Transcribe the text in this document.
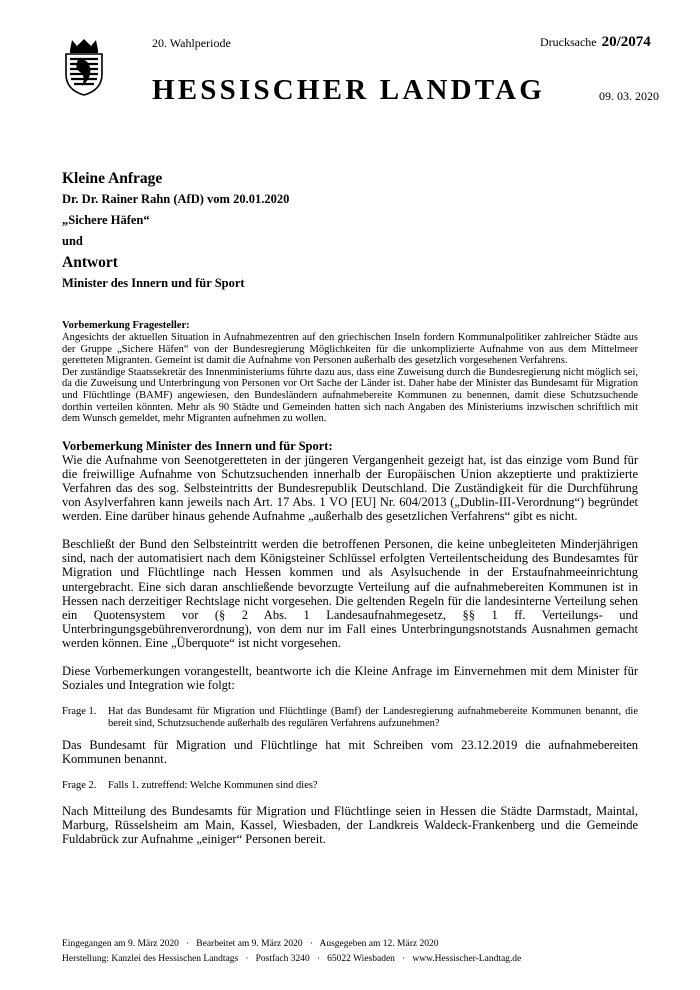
20. Wahlperiode	Drucksache 20/2074
HESSISCHER LANDTAG	09. 03. 2020
Kleine Anfrage
Dr. Dr. Rainer Rahn (AfD) vom 20.01.2020
„Sichere Häfen“
und
Antwort
Minister des Innern und für Sport
Vorbemerkung Fragesteller:

Angesichts der aktuellen Situation in Aufnahmezentren auf den griechischen Inseln fordern Kommunalpolitiker zahlreicher Städte aus der Gruppe „Sichere Häfen“ von der Bundesregierung Möglichkeiten für die unkomplizierte Aufnahme von aus dem Mittelmeer geretteten Migranten. Gemeint ist damit die Aufnahme von Personen außerhalb des gesetzlich vorgesehenen Verfahrens.

Der zuständige Staatssekretär des Innenministeriums führte dazu aus, dass eine Zuweisung durch die Bundesregierung nicht möglich sei, da die Zuweisung und Unterbringung von Personen vor Ort Sache der Länder ist. Daher habe der Minister das Bundesamt für Migration und Flüchtlinge (BAMF) angewiesen, den Bundesländern aufnahmebereite Kommunen zu benennen, damit diese Schutzsuchende dorthin verteilen könnten. Mehr als 90 Städte und Gemeinden hatten sich nach Angaben des Ministeriums inzwischen schriftlich mit dem Wunsch gemeldet, mehr Migranten aufnehmen zu wollen.

Vorbemerkung Minister des Innern und für Sport:

Wie die Aufnahme von Seenotgeretteten in der jüngeren Vergangenheit gezeigt hat, ist das einzige vom Bund für die freiwillige Aufnahme von Schutzsuchenden innerhalb der Europäischen Union akzeptierte und praktizierte Verfahren das des sog. Selbsteintritts der Bundesrepublik Deutschland. Die Zuständigkeit für die Durchführung von Asylverfahren kann jeweils nach Art. 17 Abs. 1 VO [EU] Nr. 604/2013 („Dublin-III-Verordnung“) begründet werden. Eine darüber hinaus gehende Aufnahme „außerhalb des gesetzlichen Verfahrens“ gibt es nicht.

Beschließt der Bund den Selbsteintritt werden die betroffenen Personen, die keine unbegleiteten Minderjährigen sind, nach der automatisiert nach dem Königsteiner Schlüssel erfolgten Verteilentscheidung des Bundesamtes für Migration und Flüchtlinge nach Hessen kommen und als Asylsuchende in der Erstaufnahmeeinrichtung untergebracht. Eine sich daran anschließende bevorzugte Verteilung auf die aufnahmebereiten Kommunen ist in Hessen nach derzeitiger Rechtslage nicht vorgesehen. Die geltenden Regeln für die landesinterne Verteilung sehen ein Quotensystem vor (§ 2 Abs. 1 Landesaufnahmegesetz, §§ 1 ff. Verteilungs- und Unterbringungsgebührenverordnung), von dem nur im Fall eines Unterbringungsnotstands Ausnahmen gemacht werden können. Eine „Überquote“ ist nicht vorgesehen.

Diese Vorbemerkungen vorangestellt, beantworte ich die Kleine Anfrage im Einvernehmen mit dem Minister für Soziales und Integration wie folgt:

Frage 1.	Hat das Bundesamt für Migration und Flüchtlinge (Bamf) der Landesregierung aufnahmebereite Kommunen benannt, die bereit sind, Schutzsuchende außerhalb des regulären Verfahrens aufzunehmen?

Das Bundesamt für Migration und Flüchtlinge hat mit Schreiben vom 23.12.2019 die aufnahmebereiten Kommunen benannt.

Frage 2.	Falls 1. zutreffend: Welche Kommunen sind dies?

Nach Mitteilung des Bundesamts für Migration und Flüchtlinge seien in Hessen die Städte Darmstadt, Maintal, Marburg, Rüsselsheim am Main, Kassel, Wiesbaden, der Landkreis Waldeck-Frankenberg und die Gemeinde Fuldabrück zur Aufnahme „einiger“ Personen bereit.

Eingegangen am 9. März 2020   ·   Bearbeitet am 9. März 2020   ·   Ausgegeben am 12. März 2020
Herstellung: Kanzlei des Hessischen Landtags   ·   Postfach 3240   ·   65022 Wiesbaden   ·   www.Hessischer-Landtag.de
